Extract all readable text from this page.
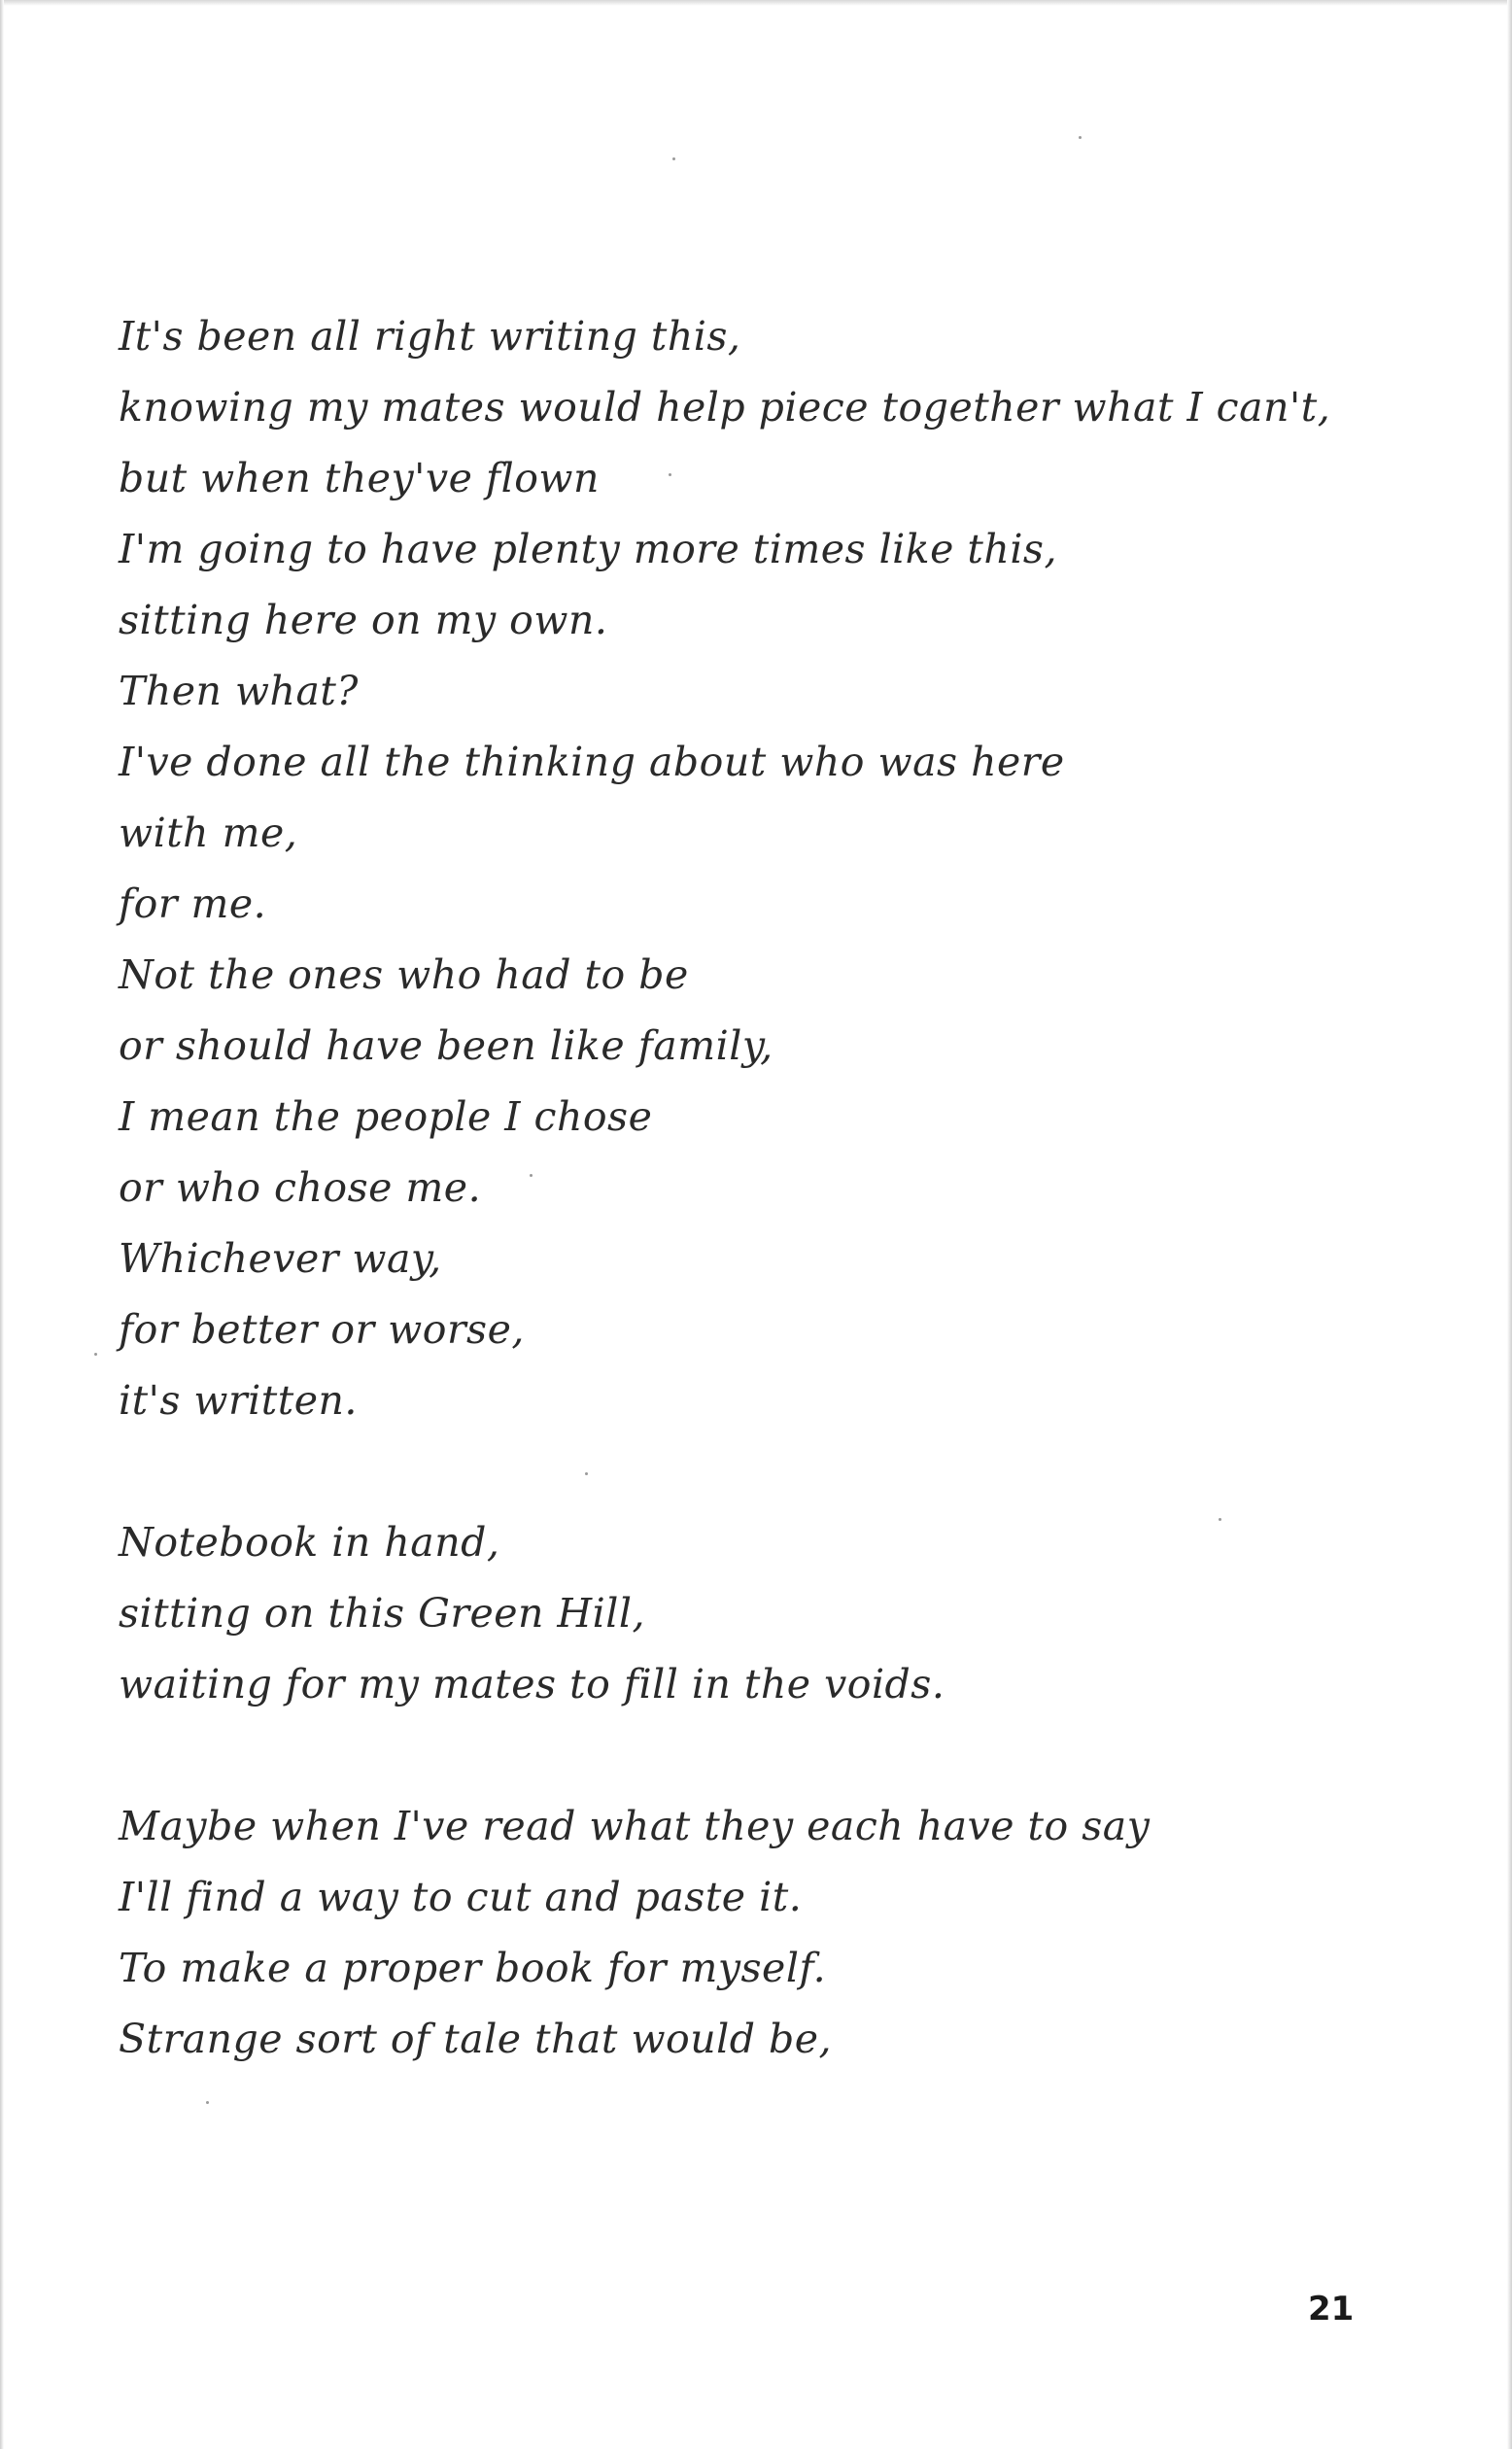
It's been all right writing this,
knowing my mates would help piece together what I can't,
but when they've flown
I'm going to have plenty more times like this,
sitting here on my own.
Then what?
I've done all the thinking about who was here
with me,
for me.
Not the ones who had to be
or should have been like family,
I mean the people I chose
or who chose me.
Whichever way,
for better or worse,
it's written.
Notebook in hand,
sitting on this Green Hill,
waiting for my mates to fill in the voids.
Maybe when I've read what they each have to say
I'll find a way to cut and paste it.
To make a proper book for myself.
Strange sort of tale that would be,
21
